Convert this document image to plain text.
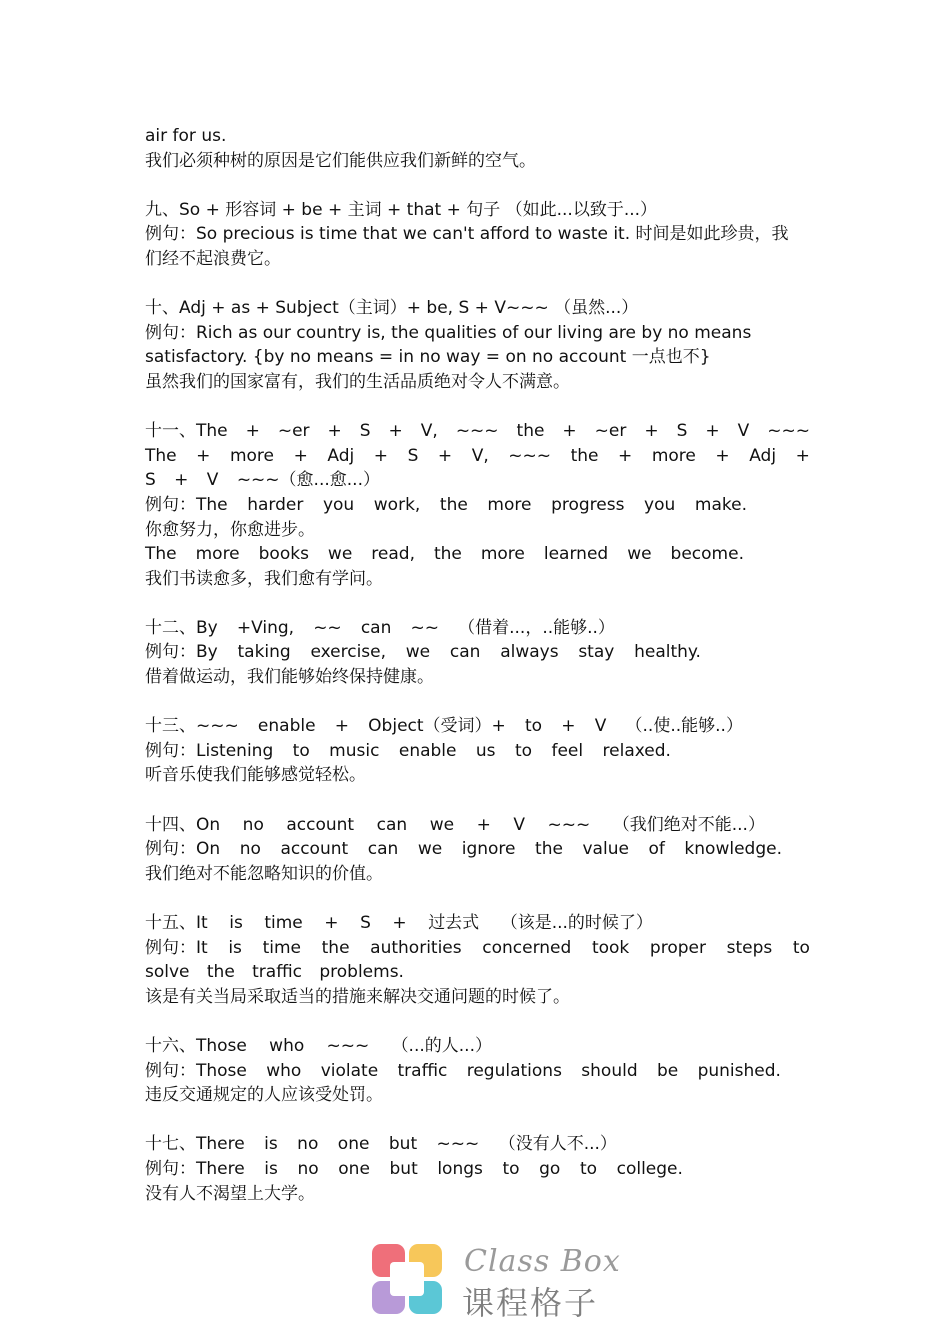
air for us.
我们必须种树的原因是它们能供应我们新鲜的空气。
九、So + 形容词 + be + 主词 + that + 句子 （如此...以致于...）
例句：So precious is time that we can't afford to waste it. 时间是如此珍贵，我
们经不起浪费它。
十、Adj + as + Subject（主词）+ be, S + V~~~ （虽然...）
例句：Rich as our country is, the qualities of our living are by no means
satisfactory. {by no means = in no way = on no account 一点也不}
虽然我们的国家富有，我们的生活品质绝对令人不满意。
十一、The + ~er + S + V, ~~~ the + ~er + S + V ~~~
The + more + Adj + S + V, ~~~ the + more + Adj +
S + V ~~~（愈...愈...）
例句：The harder you work, the more progress you make.
你愈努力，你愈进步。
The more books we read, the more learned we become.
我们书读愈多，我们愈有学问。
十二、By +Ving, ~~ can ~~ （借着...，..能够..）
例句：By taking exercise, we can always stay healthy.
借着做运动，我们能够始终保持健康。
十三、~~~ enable + Object（受词）+ to + V （..使..能够..）
例句：Listening to music enable us to feel relaxed.
听音乐使我们能够感觉轻松。
十四、On no account can we + V ~~~ （我们绝对不能...）
例句：On no account can we ignore the value of knowledge.
我们绝对不能忽略知识的价值。
十五、It is time + S + 过去式 （该是...的时候了）
例句：It is time the authorities concerned took proper steps to
solve the traffic problems.
该是有关当局采取适当的措施来解决交通问题的时候了。
十六、Those who ~~~ （...的人...）
例句：Those who violate traffic regulations should be punished.
违反交通规定的人应该受处罚。
十七、There is no one but ~~~ （没有人不...）
例句：There is no one but longs to go to college.
没有人不渴望上大学。
Class Box
课程格子
